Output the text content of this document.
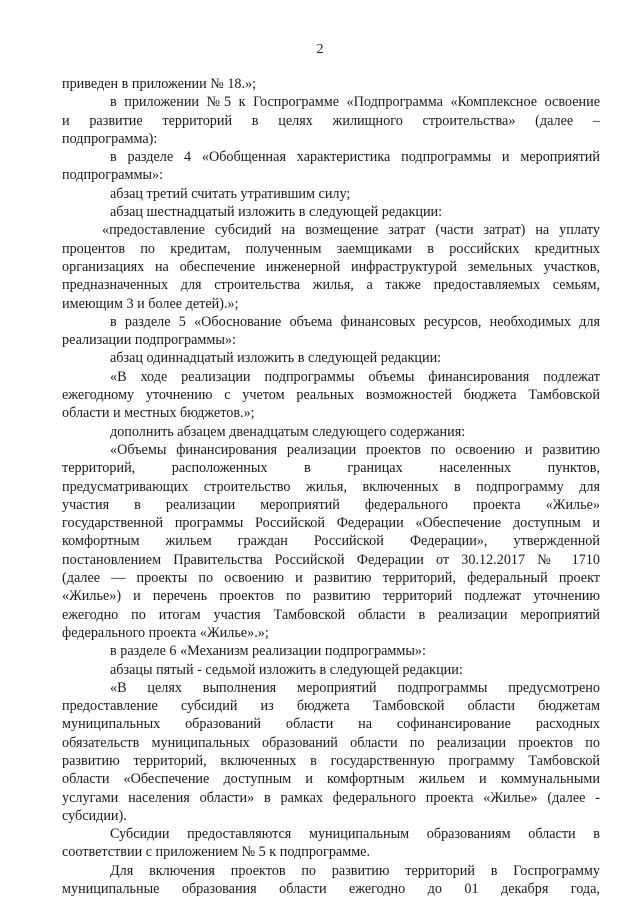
2
приведен в приложении № 18.»;
в приложении №5 к Госпрограмме «Подпрограмма «Комплексное освоение
и развитие территорий в целях жилищного строительства» (далее –
подпрограмма):
в разделе 4 «Обобщенная характеристика подпрограммы и мероприятий
подпрограммы»:
абзац третий считать утратившим силу;
абзац шестнадцатый изложить в следующей редакции:
«предоставление субсидий на возмещение затрат (части затрат) на уплату
процентов по кредитам, полученным заемщиками в российских кредитных
организациях на обеспечение инженерной инфраструктурой земельных участков,
предназначенных для строительства жилья, а также предоставляемых семьям,
имеющим 3 и более детей).»;
в разделе 5 «Обоснование объема финансовых ресурсов, необходимых для
реализации подпрограммы»:
абзац одиннадцатый изложить в следующей редакции:
«В ходе реализации подпрограммы объемы финансирования подлежат
ежегодному уточнению с учетом реальных возможностей бюджета Тамбовской
области и местных бюджетов.»;
дополнить абзацем двенадцатым следующего содержания:
«Объемы финансирования реализации проектов по освоению и развитию
территорий, расположенных в границах населенных пунктов,
предусматривающих строительство жилья, включенных в подпрограмму для
участия в реализации мероприятий федерального проекта «Жилье»
государственной программы Российской Федерации «Обеспечение доступным и
комфортным жильем граждан Российской Федерации», утвержденной
постановлением Правительства Российской Федерации от 30.12.2017 № 1710
(далее — проекты по освоению и развитию территорий, федеральный проект
«Жилье») и перечень проектов по развитию территорий подлежат уточнению
ежегодно по итогам участия Тамбовской области в реализации мероприятий
федерального проекта «Жилье».»;
в разделе 6 «Механизм реализации подпрограммы»:
абзацы пятый - седьмой изложить в следующей редакции:
«В целях выполнения мероприятий подпрограммы предусмотрено
предоставление субсидий из бюджета Тамбовской области бюджетам
муниципальных образований области на софинансирование расходных
обязательств муниципальных образований области по реализации проектов по
развитию территорий, включенных в государственную программу Тамбовской
области «Обеспечение доступным и комфортным жильем и коммунальными
услугами населения области» в рамках федерального проекта «Жилье» (далее -
субсидии).
Субсидии предоставляются муниципальным образованиям области в
соответствии с приложением № 5 к подпрограмме.
Для включения проектов по развитию территорий в Госпрограмму
муниципальные образования области ежегодно до 01 декабря года,
